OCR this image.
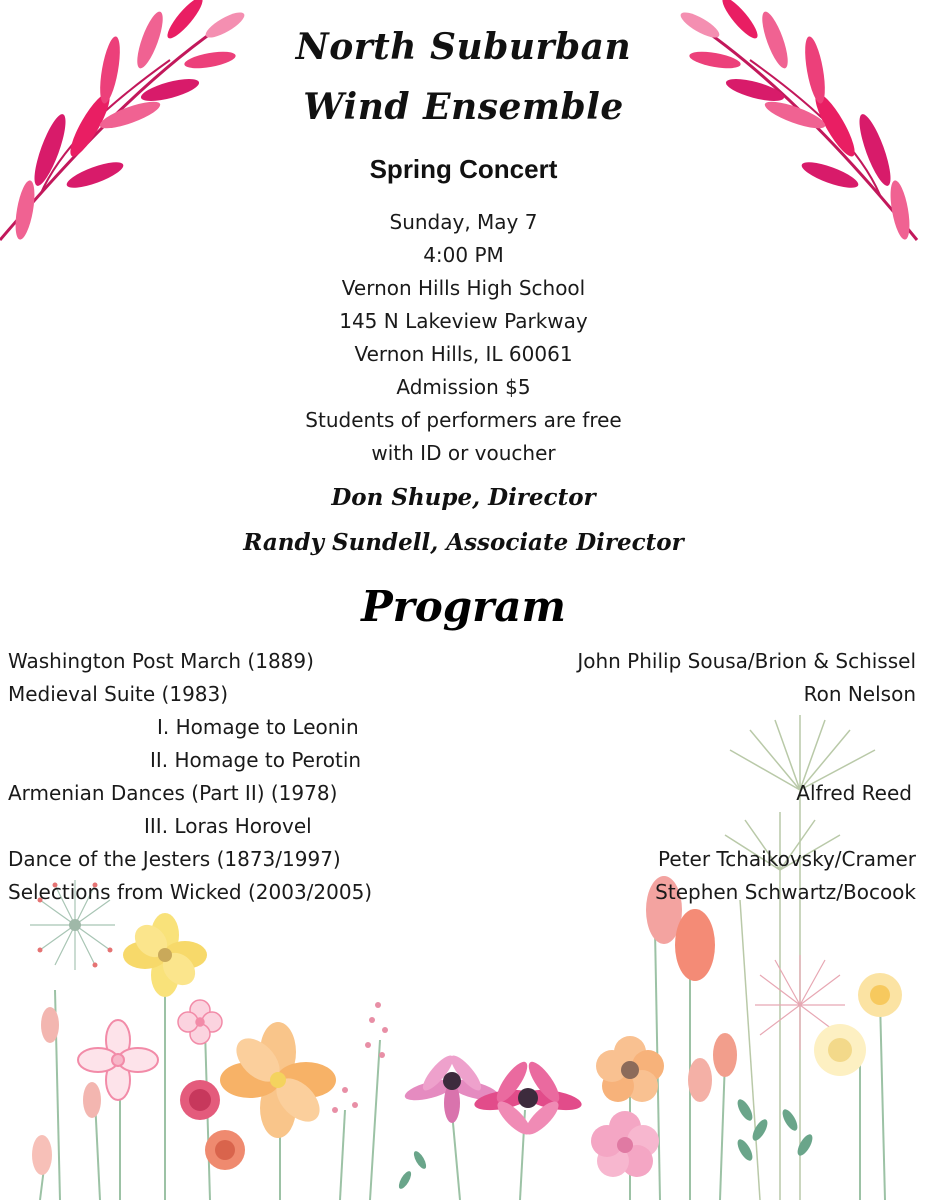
North Suburban
Wind Ensemble
Spring Concert
Sunday, May 7
4:00 PM
Vernon Hills High School
145 N Lakeview Parkway
Vernon Hills, IL 60061
Admission $5
Students of performers are free
with ID or voucher
Don Shupe, Director
Randy Sundell, Associate Director
Program
Washington Post March (1889)	John Philip Sousa/Brion & Schissel
Medieval Suite (1983)	Ron Nelson
I. Homage to Leonin
II. Homage to Perotin
Armenian Dances (Part II) (1978)	Alfred Reed
III. Loras Horovel
Dance of the Jesters (1873/1997)	Peter Tchaikovsky/Cramer
Selections from Wicked (2003/2005)	Stephen Schwartz/Bocook
